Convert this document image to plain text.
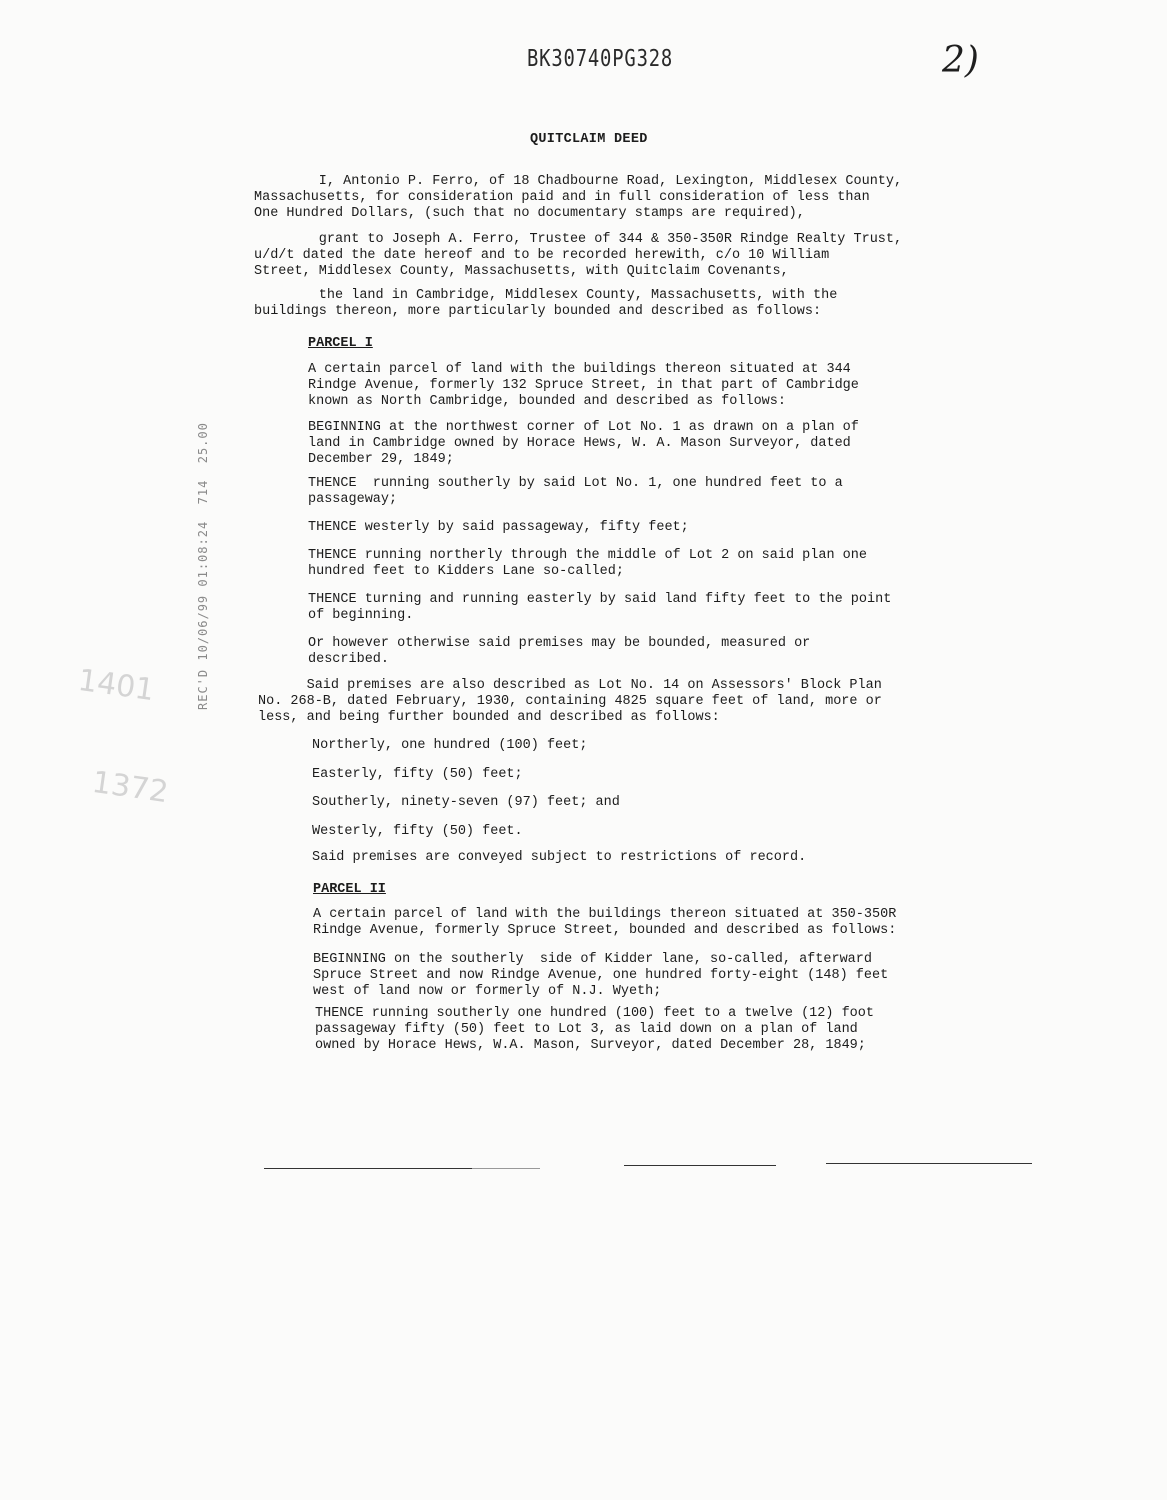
BK30740PG328	2)
QUITCLAIM DEED
REC'D 10/06/99 01:08:24  714  25.00
1401
1372
I, Antonio P. Ferro, of 18 Chadbourne Road, Lexington, Middlesex County,
Massachusetts, for consideration paid and in full consideration of less than
One Hundred Dollars, (such that no documentary stamps are required),
grant to Joseph A. Ferro, Trustee of 344 & 350-350R Rindge Realty Trust,
u/d/t dated the date hereof and to be recorded herewith, c/o 10 William
Street, Middlesex County, Massachusetts, with Quitclaim Covenants,
the land in Cambridge, Middlesex County, Massachusetts, with the
buildings thereon, more particularly bounded and described as follows:
PARCEL I
A certain parcel of land with the buildings thereon situated at 344
Rindge Avenue, formerly 132 Spruce Street, in that part of Cambridge
known as North Cambridge, bounded and described as follows:
BEGINNING at the northwest corner of Lot No. 1 as drawn on a plan of
land in Cambridge owned by Horace Hews, W. A. Mason Surveyor, dated
December 29, 1849;
THENCE  running southerly by said Lot No. 1, one hundred feet to a
passageway;
THENCE westerly by said passageway, fifty feet;
THENCE running northerly through the middle of Lot 2 on said plan one
hundred feet to Kidders Lane so-called;
THENCE turning and running easterly by said land fifty feet to the point
of beginning.
Or however otherwise said premises may be bounded, measured or
described.
Said premises are also described as Lot No. 14 on Assessors' Block Plan
No. 268-B, dated February, 1930, containing 4825 square feet of land, more or
less, and being further bounded and described as follows:
Northerly, one hundred (100) feet;
Easterly, fifty (50) feet;
Southerly, ninety-seven (97) feet; and
Westerly, fifty (50) feet.
Said premises are conveyed subject to restrictions of record.
PARCEL II
A certain parcel of land with the buildings thereon situated at 350-350R
Rindge Avenue, formerly Spruce Street, bounded and described as follows:
BEGINNING on the southerly  side of Kidder lane, so-called, afterward
Spruce Street and now Rindge Avenue, one hundred forty-eight (148) feet
west of land now or formerly of N.J. Wyeth;
THENCE running southerly one hundred (100) feet to a twelve (12) foot
passageway fifty (50) feet to Lot 3, as laid down on a plan of land
owned by Horace Hews, W.A. Mason, Surveyor, dated December 28, 1849;
